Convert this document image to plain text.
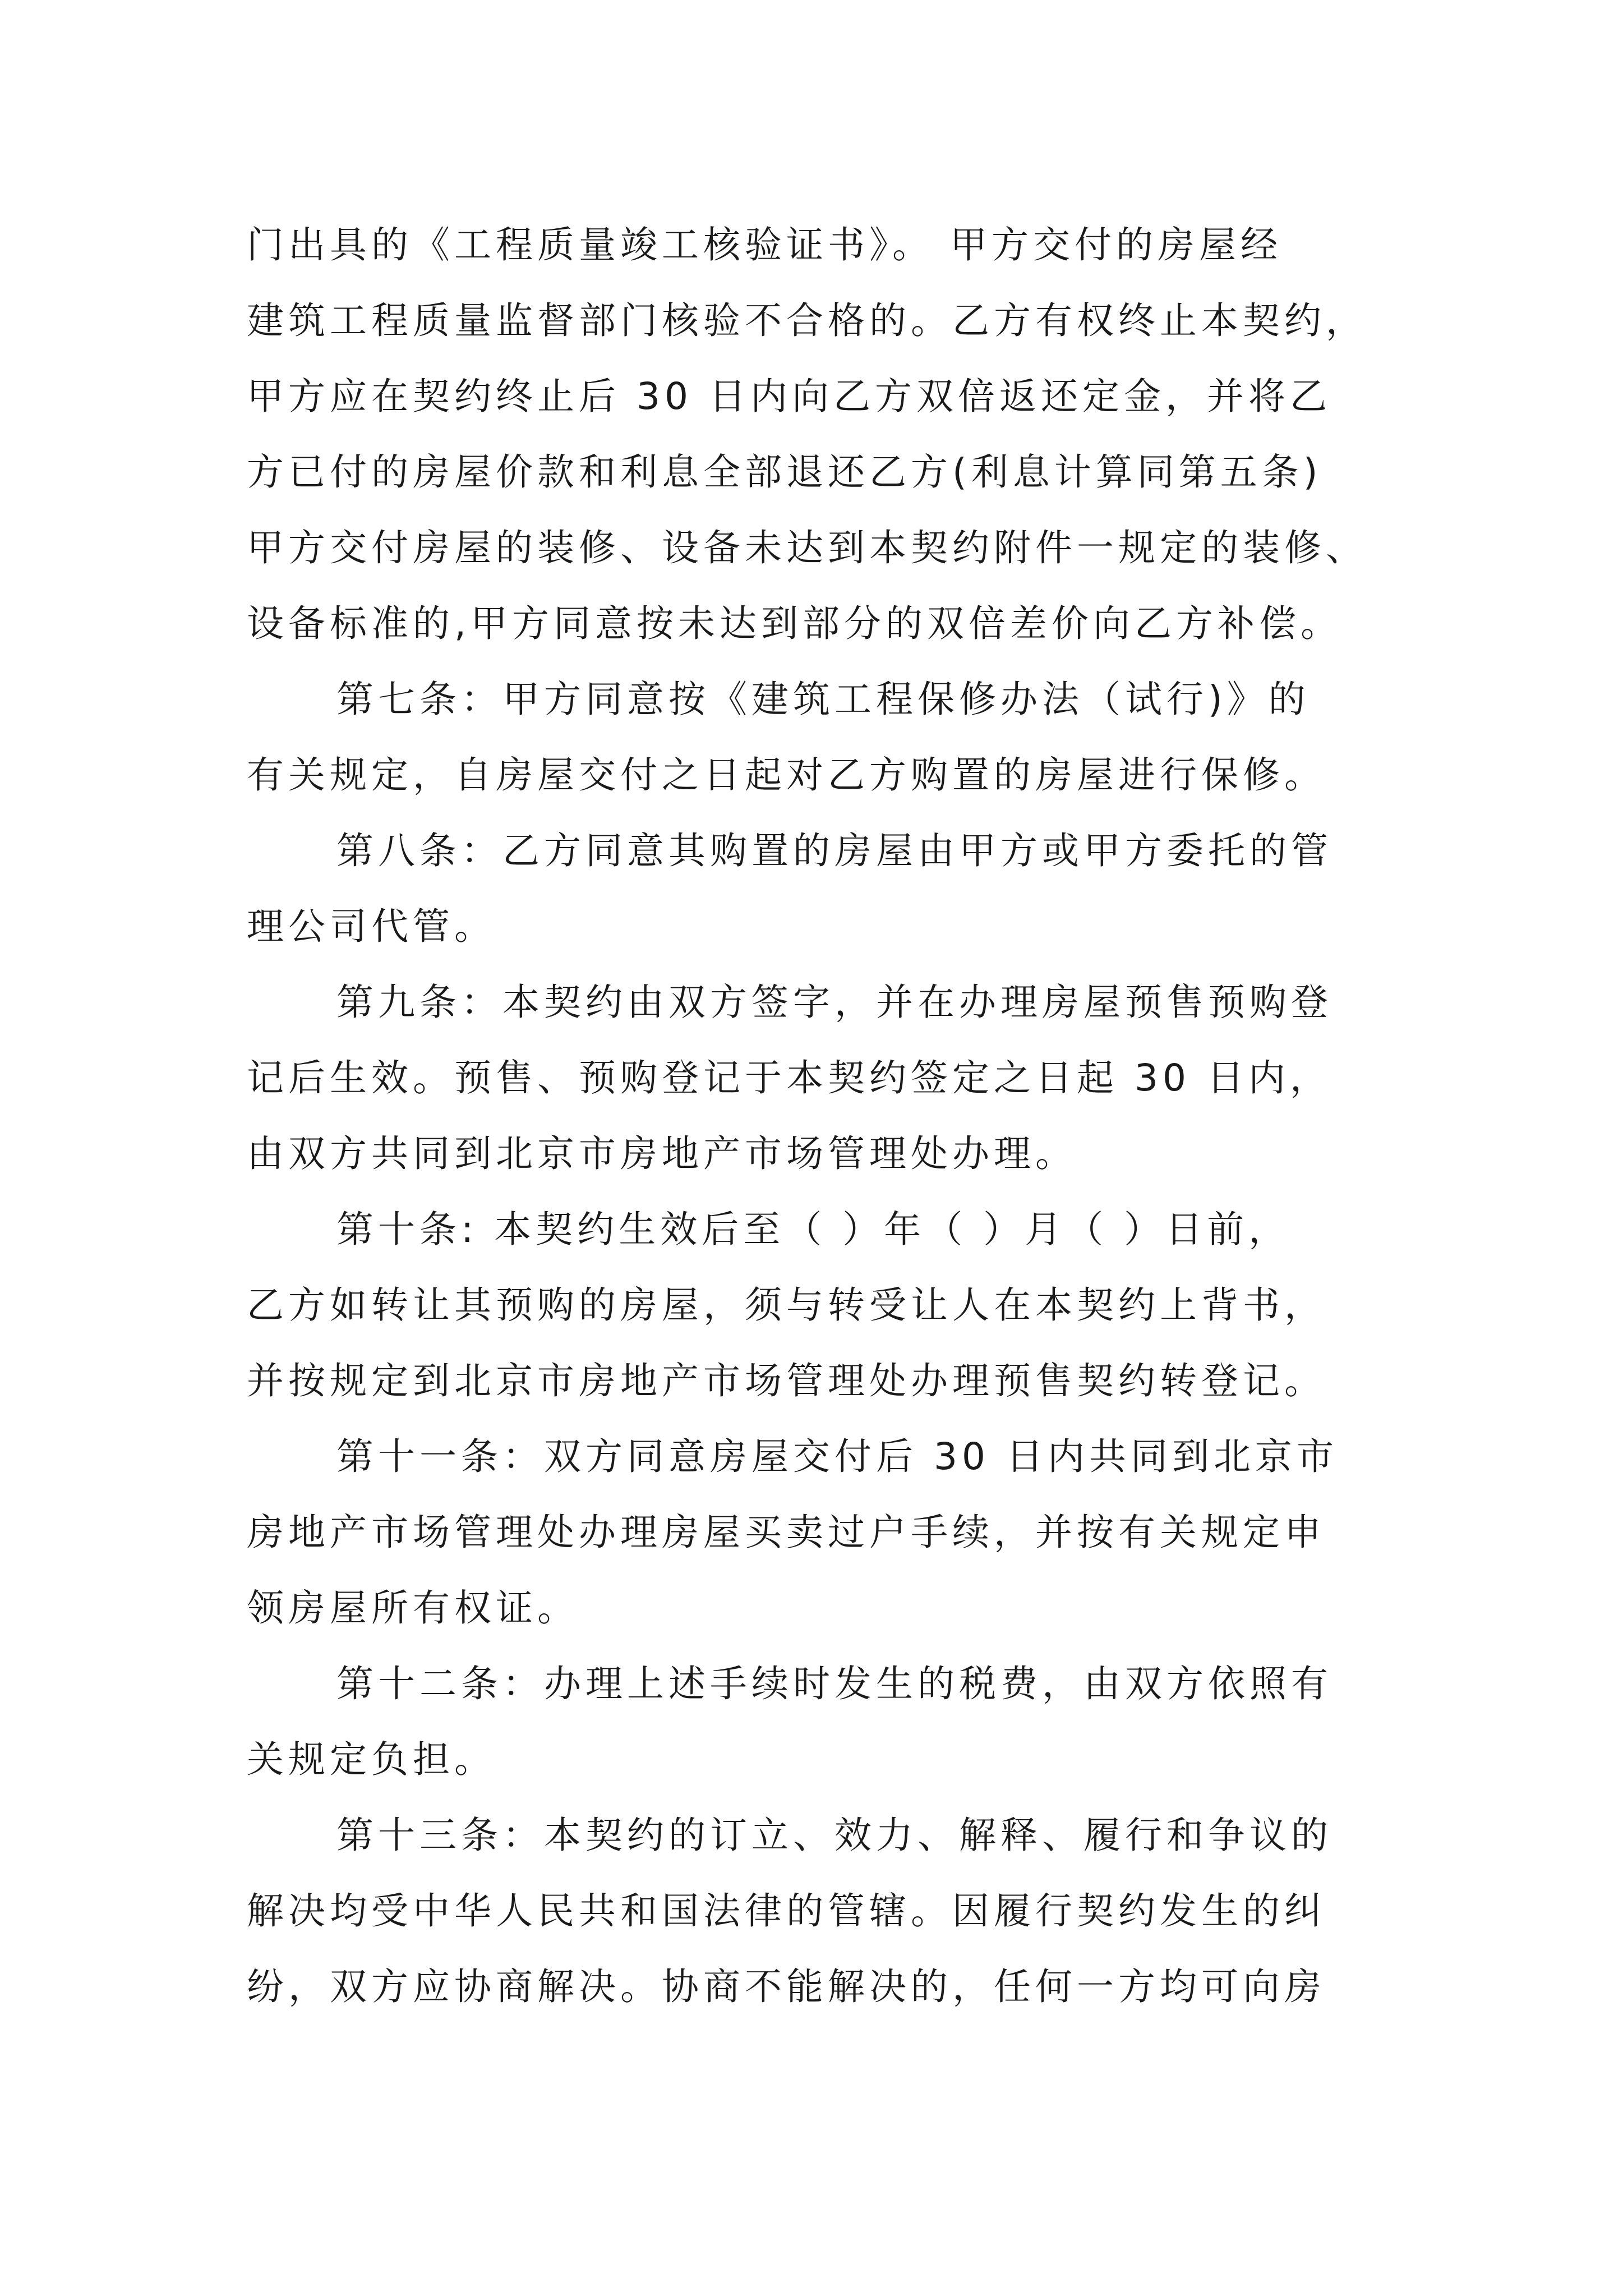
门出具的《工程质量竣工核验证书》。 甲方交付的房屋经

建筑工程质量监督部门核验不合格的。乙方有权终止本契约，

甲方应在契约终止后 30 日内向乙方双倍返还定金，并将乙

方已付的房屋价款和利息全部退还乙方(利息计算同第五条)

甲方交付房屋的装修、设备未达到本契约附件一规定的装修、

设备标准的,甲方同意按未达到部分的双倍差价向乙方补偿。

第七条：甲方同意按《建筑工程保修办法（试行)》的

有关规定，自房屋交付之日起对乙方购置的房屋进行保修。

第八条：乙方同意其购置的房屋由甲方或甲方委托的管

理公司代管。

第九条：本契约由双方签字，并在办理房屋预售预购登

记后生效。预售、预购登记于本契约签定之日起 30 日内，

由双方共同到北京市房地产市场管理处办理。

第十条: 本契约生效后至（ ）年（ ）月（ ）日前，

乙方如转让其预购的房屋，须与转受让人在本契约上背书，

并按规定到北京市房地产市场管理处办理预售契约转登记。

第十一条：双方同意房屋交付后 30 日内共同到北京市

房地产市场管理处办理房屋买卖过户手续，并按有关规定申

领房屋所有权证。

第十二条：办理上述手续时发生的税费，由双方依照有

关规定负担。

第十三条：本契约的订立、效力、解释、履行和争议的

解决均受中华人民共和国法律的管辖。因履行契约发生的纠

纷，双方应协商解决。协商不能解决的，任何一方均可向房
